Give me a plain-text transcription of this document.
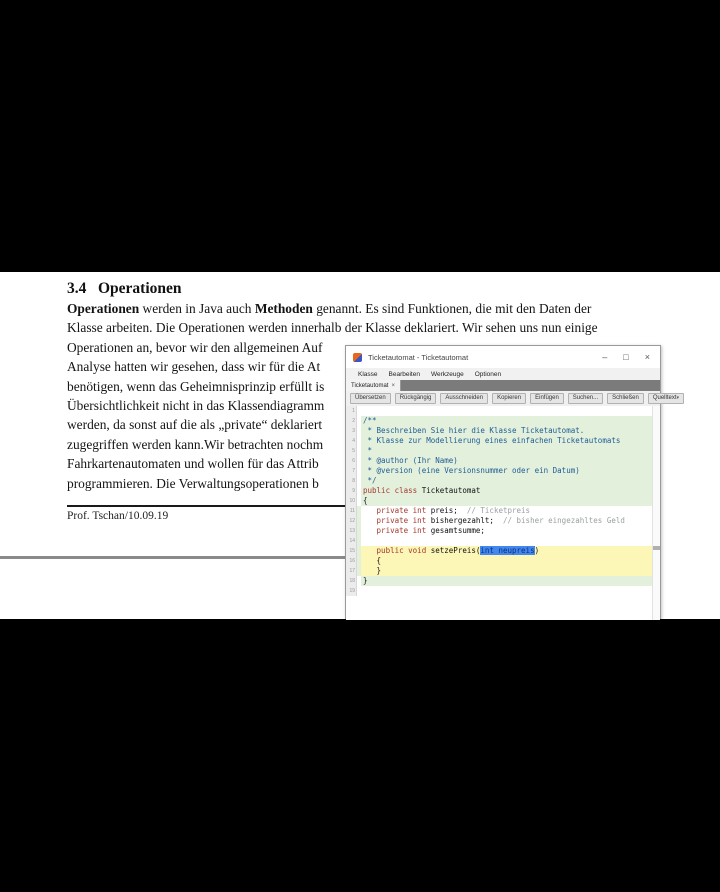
3.4   Operationen
Operationen werden in Java auch Methoden genannt. Es sind Funktionen, die mit den Daten der
Klasse arbeiten. Die Operationen werden innerhalb der Klasse deklariert. Wir sehen uns nun einige
Operationen an, bevor wir den allgemeinen Auf
Analyse hatten wir gesehen, dass wir für die At
benötigen, wenn das Geheimnisprinzip erfüllt is
Übersichtlichkeit nicht in das Klassendiagramm
werden, da sonst auf die als „private“ deklariert
zugegriffen werden kann.Wir betrachten nochm
Fahrkartenautomaten und wollen für das Attrib
programmieren. Die Verwaltungsoperationen b
Prof. Tschan/10.09.19
Ticketautomat - Ticketautomat	– □ ×
Klasse Bearbeiten Werkzeuge Optionen
Ticketautomat ×
Übersetzen	Rückgängig	Ausschneiden	Kopieren	Einfügen	Suchen...	Schließen	Quelltext ▾
1
2 /**
3 * Beschreiben Sie hier die Klasse Ticketautomat.
4 * Klasse zur Modellierung eines einfachen Ticketautomats
5 *
6 * @author (Ihr Name)
7 * @version (eine Versionsnummer oder ein Datum)
8 */
9 public class Ticketautomat
10 {
11	private int preis;  // Ticketpreis
12	private int bishergezahlt;  // bisher eingezahltes Geld
13	private int gesamtsumme;
14
15	public void setzePreis(int neupreis)
16 {
17 }
18 }
19
